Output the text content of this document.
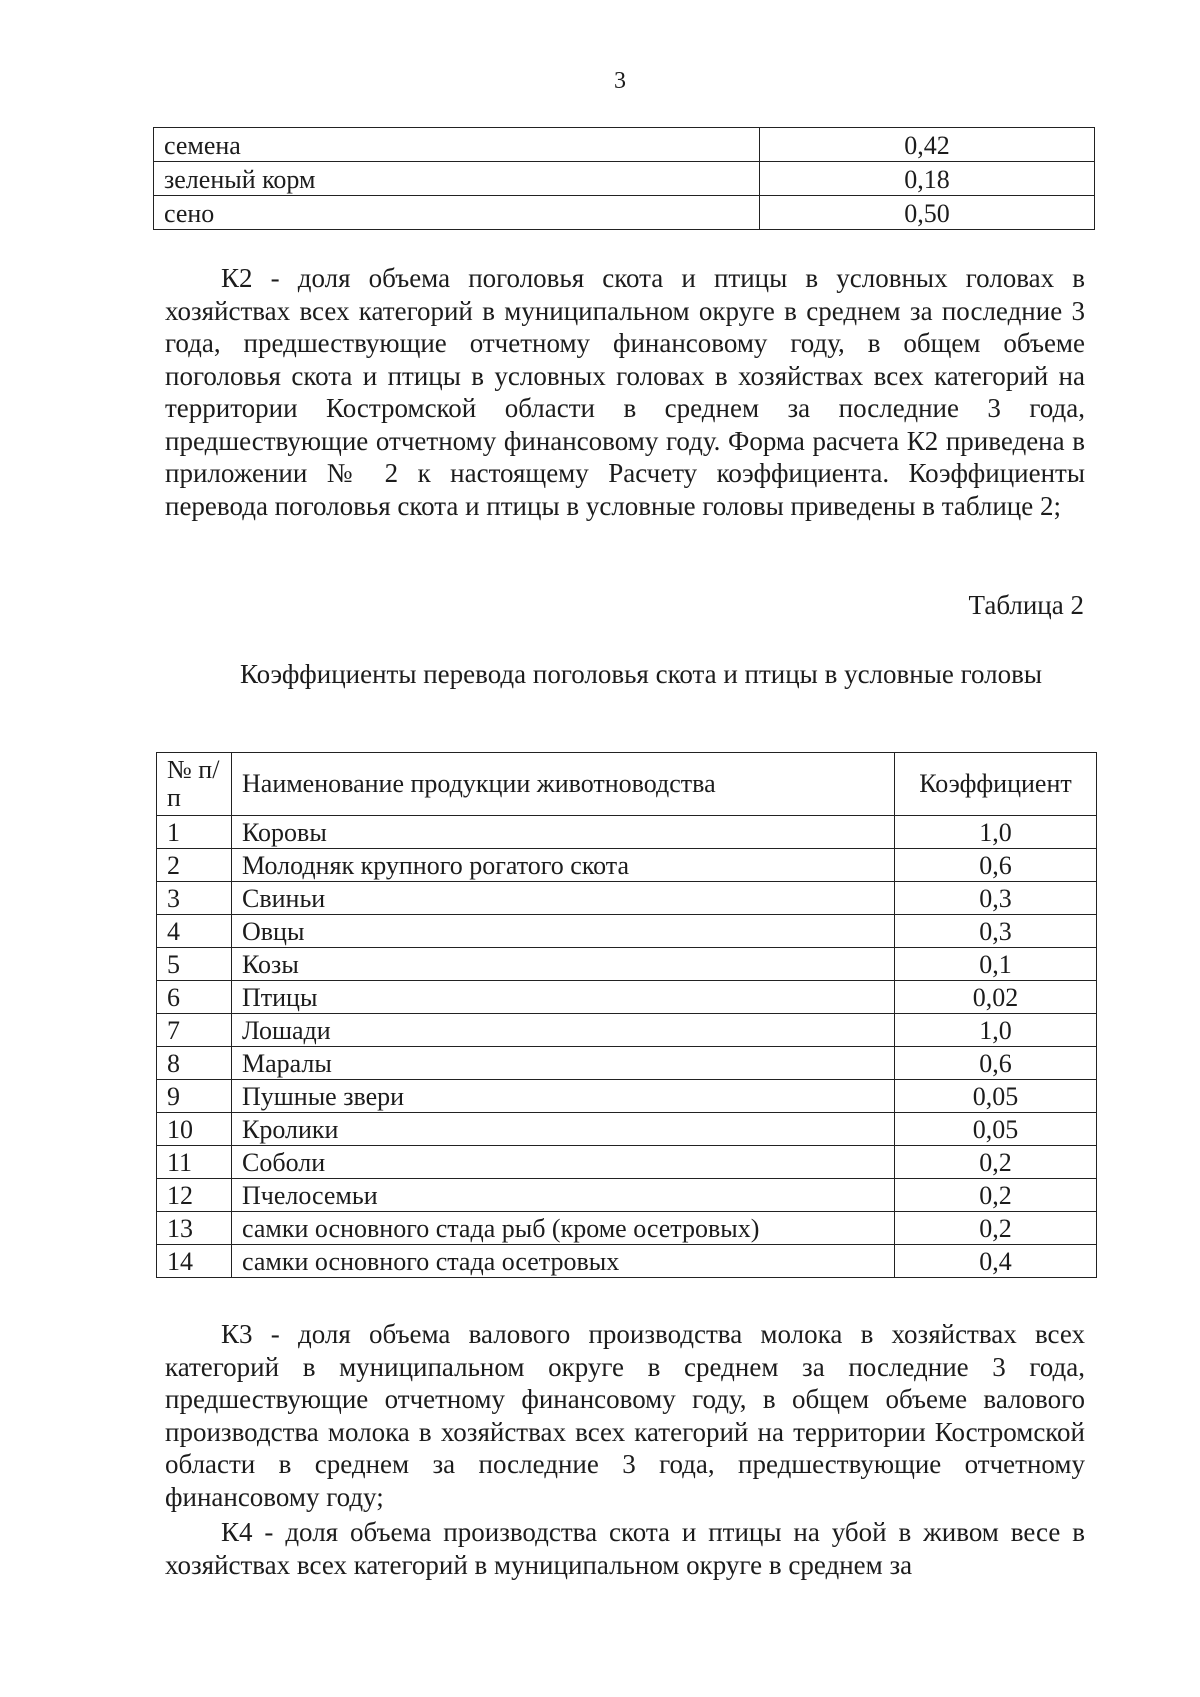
3
семена	0,42
зеленый корм	0,18
сено	0,50

К2 - доля объема поголовья скота и птицы в условных головах в хозяйствах всех категорий в муниципальном округе в среднем за последние 3 года, предшествующие отчетному финансовому году, в общем объеме поголовья скота и птицы в условных головах в хозяйствах всех категорий на территории Костромской области в среднем за последние 3 года, предшествующие отчетному финансовому году. Форма расчета К2 приведена в приложении № 2 к настоящему Расчету коэффициента. Коэффициенты перевода поголовья скота и птицы в условные головы приведены в таблице 2;

Таблица 2

Коэффициенты перевода поголовья скота и птицы в условные головы

№ п/п	Наименование продукции животноводства	Коэффициент
1	Коровы	1,0
2	Молодняк крупного рогатого скота	0,6
3	Свиньи	0,3
4	Овцы	0,3
5	Козы	0,1
6	Птицы	0,02
7	Лошади	1,0
8	Маралы	0,6
9	Пушные звери	0,05
10	Кролики	0,05
11	Соболи	0,2
12	Пчелосемьи	0,2
13	самки основного стада рыб (кроме осетровых)	0,2
14	самки основного стада осетровых	0,4

К3 - доля объема валового производства молока в хозяйствах всех категорий в муниципальном округе в среднем за последние 3 года, предшествующие отчетному финансовому году, в общем объеме валового производства молока в хозяйствах всех категорий на территории Костромской области в среднем за последние 3 года, предшествующие отчетному финансовому году;

К4 - доля объема производства скота и птицы на убой в живом весе в хозяйствах всех категорий в муниципальном округе в среднем за
